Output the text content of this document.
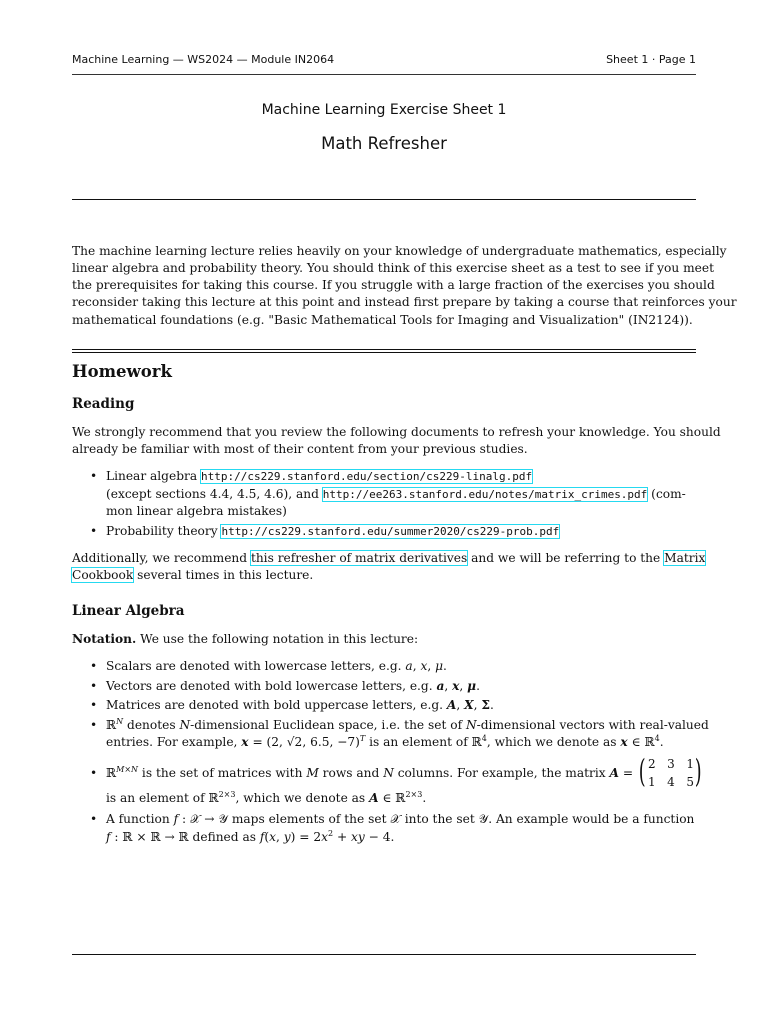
Machine Learning — WS2024 — Module IN2064	Sheet 1 · Page 1
Machine Learning Exercise Sheet 1
Math Refresher
The machine learning lecture relies heavily on your knowledge of undergraduate mathematics, especially
linear algebra and probability theory. You should think of this exercise sheet as a test to see if you meet
the prerequisites for taking this course. If you struggle with a large fraction of the exercises you should
reconsider taking this lecture at this point and instead first prepare by taking a course that reinforces your
mathematical foundations (e.g. "Basic Mathematical Tools for Imaging and Visualization" (IN2124)).
Homework
Reading
We strongly recommend that you review the following documents to refresh your knowledge. You should
already be familiar with most of their content from your previous studies.
• Linear algebra http://cs229.stanford.edu/section/cs229-linalg.pdf
(except sections 4.4, 4.5, 4.6), and http://ee263.stanford.edu/notes/matrix_crimes.pdf (com-
mon linear algebra mistakes)
• Probability theory http://cs229.stanford.edu/summer2020/cs229-prob.pdf
Additionally, we recommend this refresher of matrix derivatives and we will be referring to the Matrix
Cookbook several times in this lecture.
Linear Algebra
Notation. We use the following notation in this lecture:
• Scalars are denoted with lowercase letters, e.g. a, x, μ.
• Vectors are denoted with bold lowercase letters, e.g. a, x, μ.
• Matrices are denoted with bold uppercase letters, e.g. A, X, Σ.
• ℝ$^N$ denotes N-dimensional Euclidean space, i.e. the set of N-dimensional vectors with real-valued
entries. For example, x = (2, √2, 6.5, −7)$^T$ is an element of ℝ$^4$, which we denote as x ∈ ℝ$^4$.
• ℝ$^{M\times N}$ is the set of matrices with M rows and N columns. For example, the matrix A = ( 2 3 1
1 4 5 )
is an element of ℝ$^{2\times 3}$, which we denote as A ∈ ℝ$^{2\times 3}$.
• A function f : 𝒳 → 𝒴 maps elements of the set 𝒳 into the set 𝒴. An example would be a function
f : ℝ × ℝ → ℝ defined as f(x, $y) = 2x^2$ + xy − 4.
